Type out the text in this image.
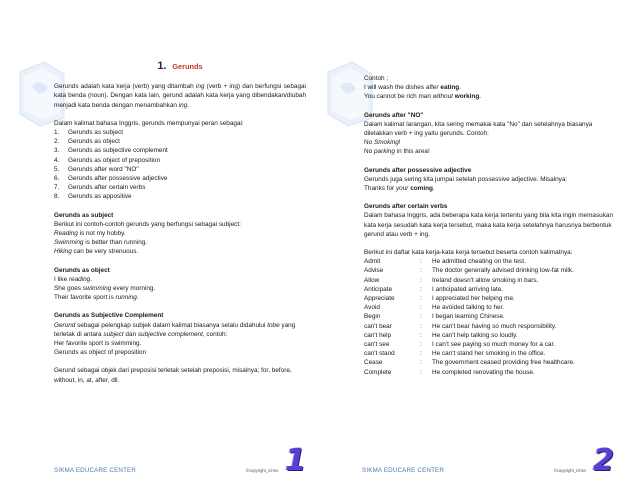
1. Gerunds

Gerunds adalah kata kerja (verb) yang ditambah ing (verb + ing) dan berfungsi sebagai kata benda (noun). Dengan kata lain, gerund adalah kata kerja yang dibendakan/diubah menjadi kata benda dengan menambahkan ing.

Dalam kalimat bahasa Inggris, gerunds mempunyai peran sebagai:

1.	Gerunds as subject
2.	Gerunds as object
3.	Gerunds as subjective complement
4.	Gerunds as object of preposition
5.	Gerunds after word "NO"
6.	Gerunds after possessive adjective
7.	Gerunds after certain verbs
8.	Gerunds as appositive

Gerunds as subject

Berikut ini contoh-contoh gerunds yang berfungsi sebagai subject:

Reading is not my hobby.

Swimming is better than running.

Hiking can be very strenuous.

Gerunds as object

I like reading.

She goes swimming every morning.

Their favorite sport is running.

Gerunds as Subjective Complement

Gerund sebagai pelengkap subjek dalam kalimat biasanya selalu didahului tobe yang terletak di antara subject dan subjective complement, contoh:

Her favorite sport is swimming.

Gerunds as object of preposition

Gerund sebagai objek dari preposisi terletak setelah preposisi, misalnya; for, before, without, in, at, after, dll.

SIKMA EDUCARE CENTER	©copyright_ichsn 1

Contoh ;

I will wash the dishes after eating.

You cannot be rich man without working.

Gerunds after "NO"

Dalam kalimat larangan, kita sering memakai kata "No" dan setelahnya biasanya diletakkan verb + ing yaitu gerunds. Contoh:

No Smoking!

No parking in this area!

Gerunds after possessive adjective

Gerunds juga sering kita jumpai setelah possessive adjective. Misalnya:

Thanks for your coming.

Gerunds after certain verbs

Dalam bahasa Inggris, ada beberapa kata kerja tertentu yang bila kita ingin memasukan kata kerja sesudah kata kerja tersebut, maka kata kerja setelahnya harusnya berbentuk gerund atau verb + ing.

Berikut ini daftar kata kerja-kata kerja tersebut beserta contoh kalimatnya:

Admit	:	He admitted cheating on the test.
Advise	:	The doctor generally advised drinking low-fat milk.
Allow	:	Ireland doesn't allow smoking in bars.
Anticipate	:	I anticipated arriving late.
Appreciate	:	I appreciated her helping me.
Avoid	:	He avoided talking to her.
Begin	:	I began learning Chinese.
can't bear	:	He can't bear having so much responsibility.
can't help	:	He can't help talking so loudly.
can't see	:	I can't see paying so much money for a car.
can't stand	:	He can't stand her smoking in the office.
Cease	:	The government ceased providing free healthcare.
Complete	:	He completed renovating the house.
SIKMA EDUCARE CENTER	©copyright_ichsn 2
